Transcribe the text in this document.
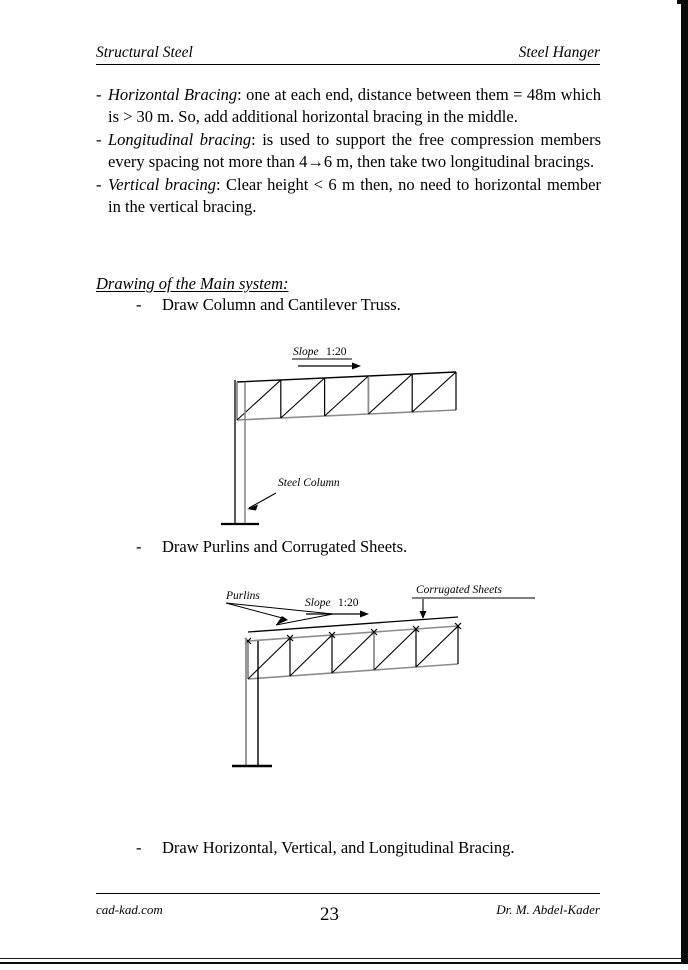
Structural Steel	Steel Hanger
- Horizontal Bracing: one at each end, distance between them = 48m which is > 30 m. So, add additional horizontal bracing in the middle.
- Longitudinal bracing: is used to support the free compression members every spacing not more than 4→6 m, then take two longitudinal bracings.
- Vertical bracing: Clear height < 6 m then, no need to horizontal member in the vertical bracing.
Drawing of the Main system:
- Draw Column and Cantilever Truss.
Slope 1:20
Steel Column
- Draw Purlins and Corrugated Sheets.
Purlins
Slope 1:20
Corrugated Sheets
- Draw Horizontal, Vertical, and Longitudinal Bracing.
cad-kad.com	23	Dr. M. Abdel-Kader
